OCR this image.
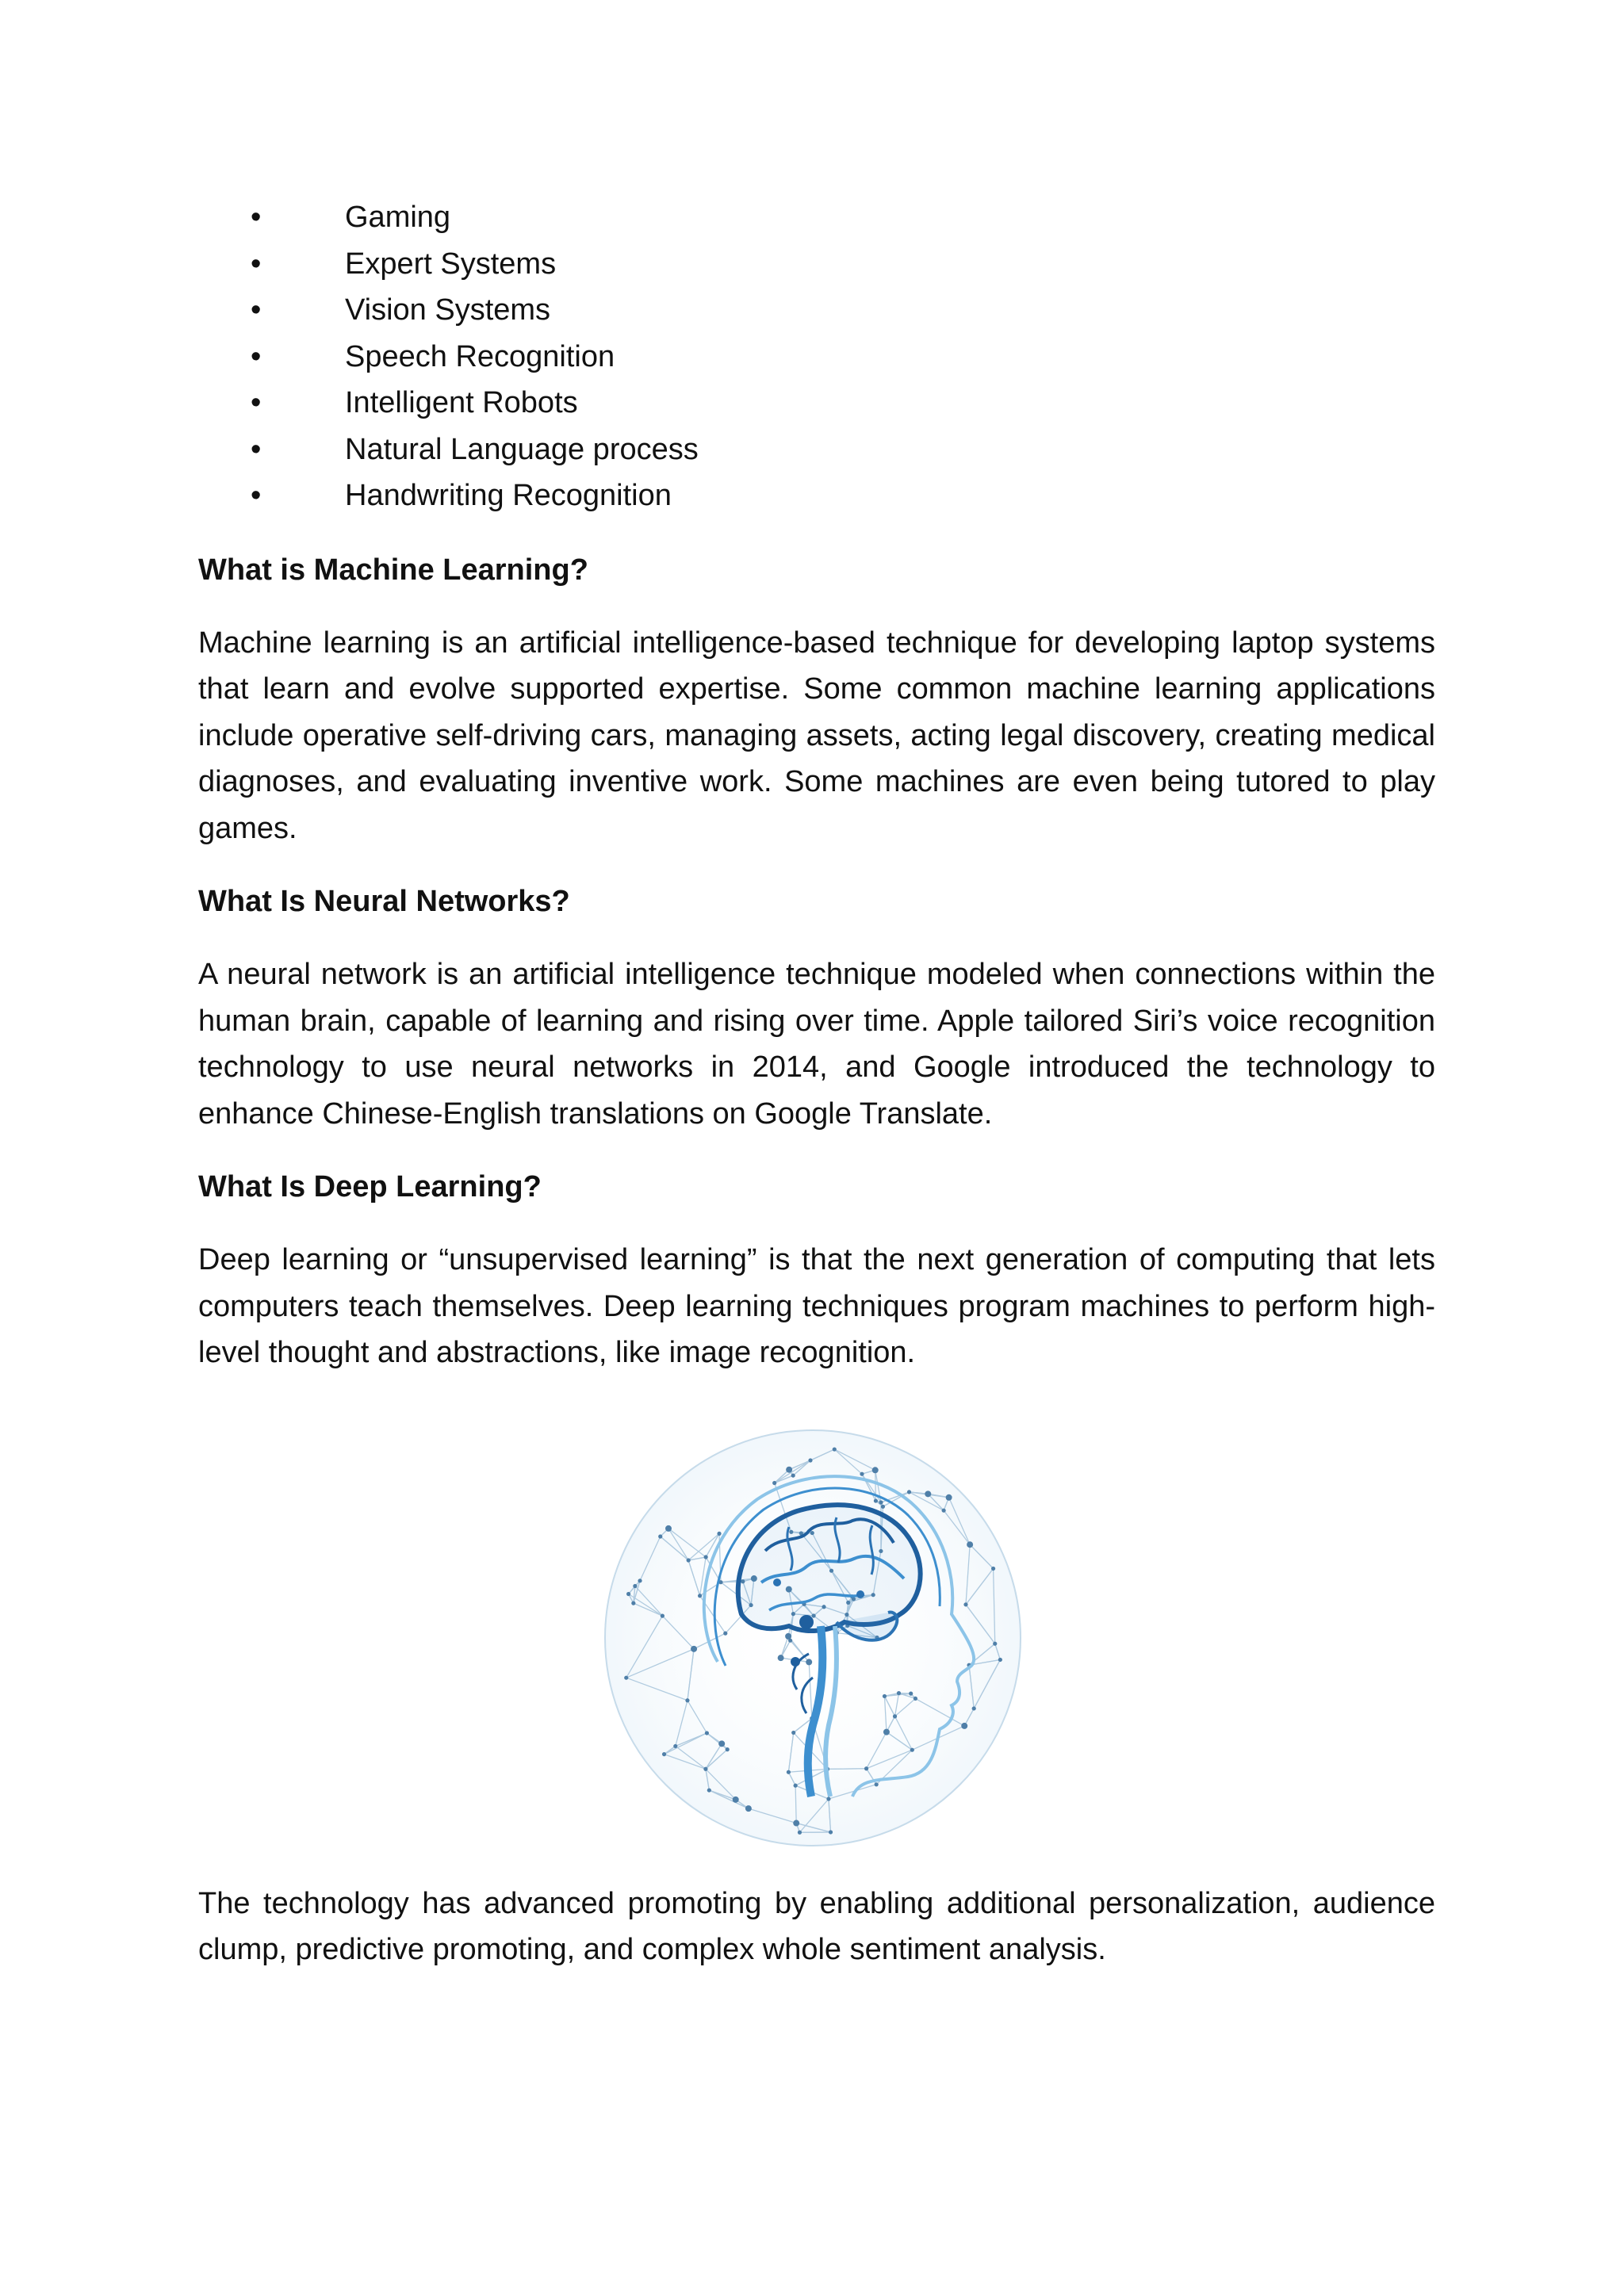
•	Gaming
•	Expert Systems
•	Vision Systems
•	Speech Recognition
•	Intelligent Robots
•	Natural Language process
•	Handwriting Recognition
What is Machine Learning?

Machine learning is an artificial intelligence-based technique for developing laptop systems that learn and evolve supported expertise. Some common machine learning applications include operative self-driving cars, managing assets, acting legal discovery, creating medical diagnoses, and evaluating inventive work. Some machines are even being tutored to play games.

What Is Neural Networks?

A neural network is an artificial intelligence technique modeled when connections within the human brain, capable of learning and rising over time. Apple tailored Siri’s voice recognition technology to use neural networks in 2014, and Google introduced the technology to enhance Chinese-English translations on Google Translate.

What Is Deep Learning?

Deep learning or “unsupervised learning” is that the next generation of computing that lets computers teach themselves. Deep learning techniques program machines to perform high-level thought and abstractions, like image recognition.

The technology has advanced promoting by enabling additional personalization, audience clump, predictive promoting, and complex whole sentiment analysis.
